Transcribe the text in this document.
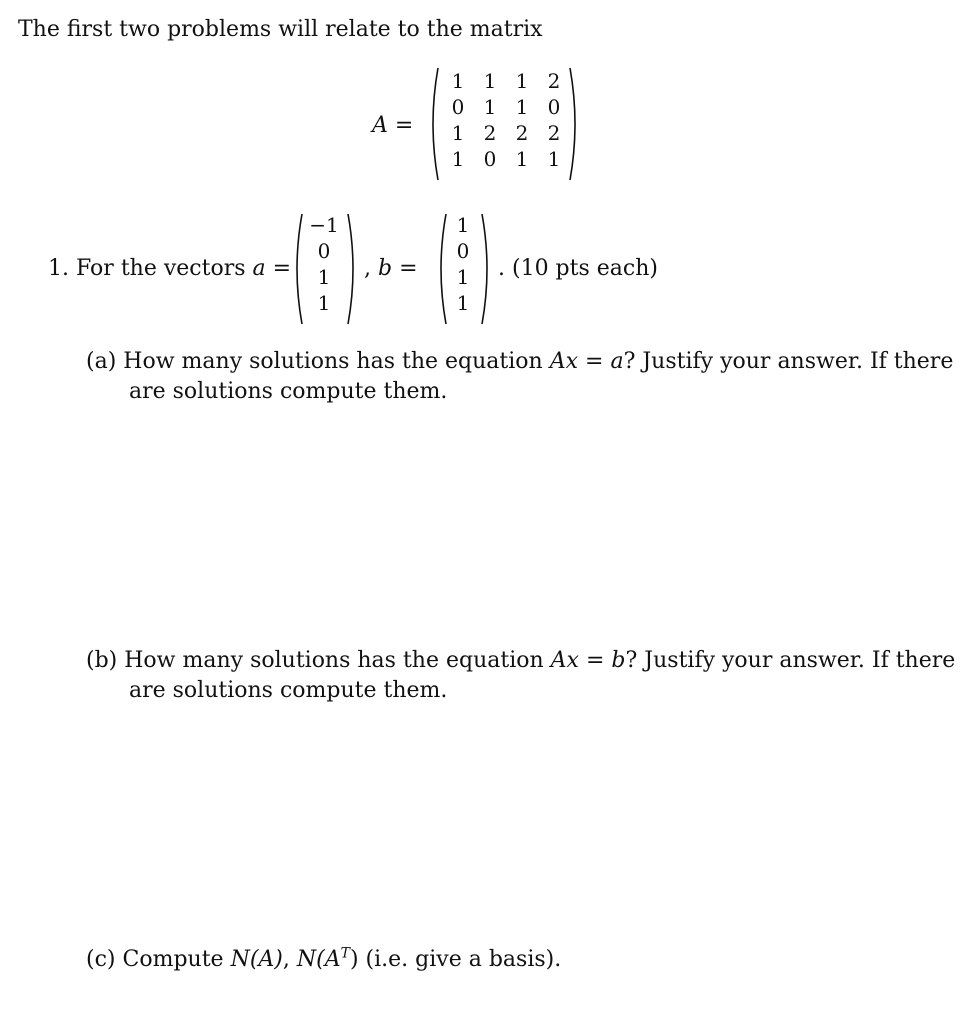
The first two problems will relate to the matrix
A =
1 1 1 2
0 1 1 0
1 2 2 2
1 0 1 1
1. For the vectors a =
−1
0
1
1
, b =
1
0
1
1
. (10 pts each)
(a) How many solutions has the equation Ax = a? Justify your answer. If there
are solutions compute them.
(b) How many solutions has the equation Ax = b? Justify your answer. If there
are solutions compute them.
(c) Compute N(A), $N(A^T)$ (i.e. give a basis).
